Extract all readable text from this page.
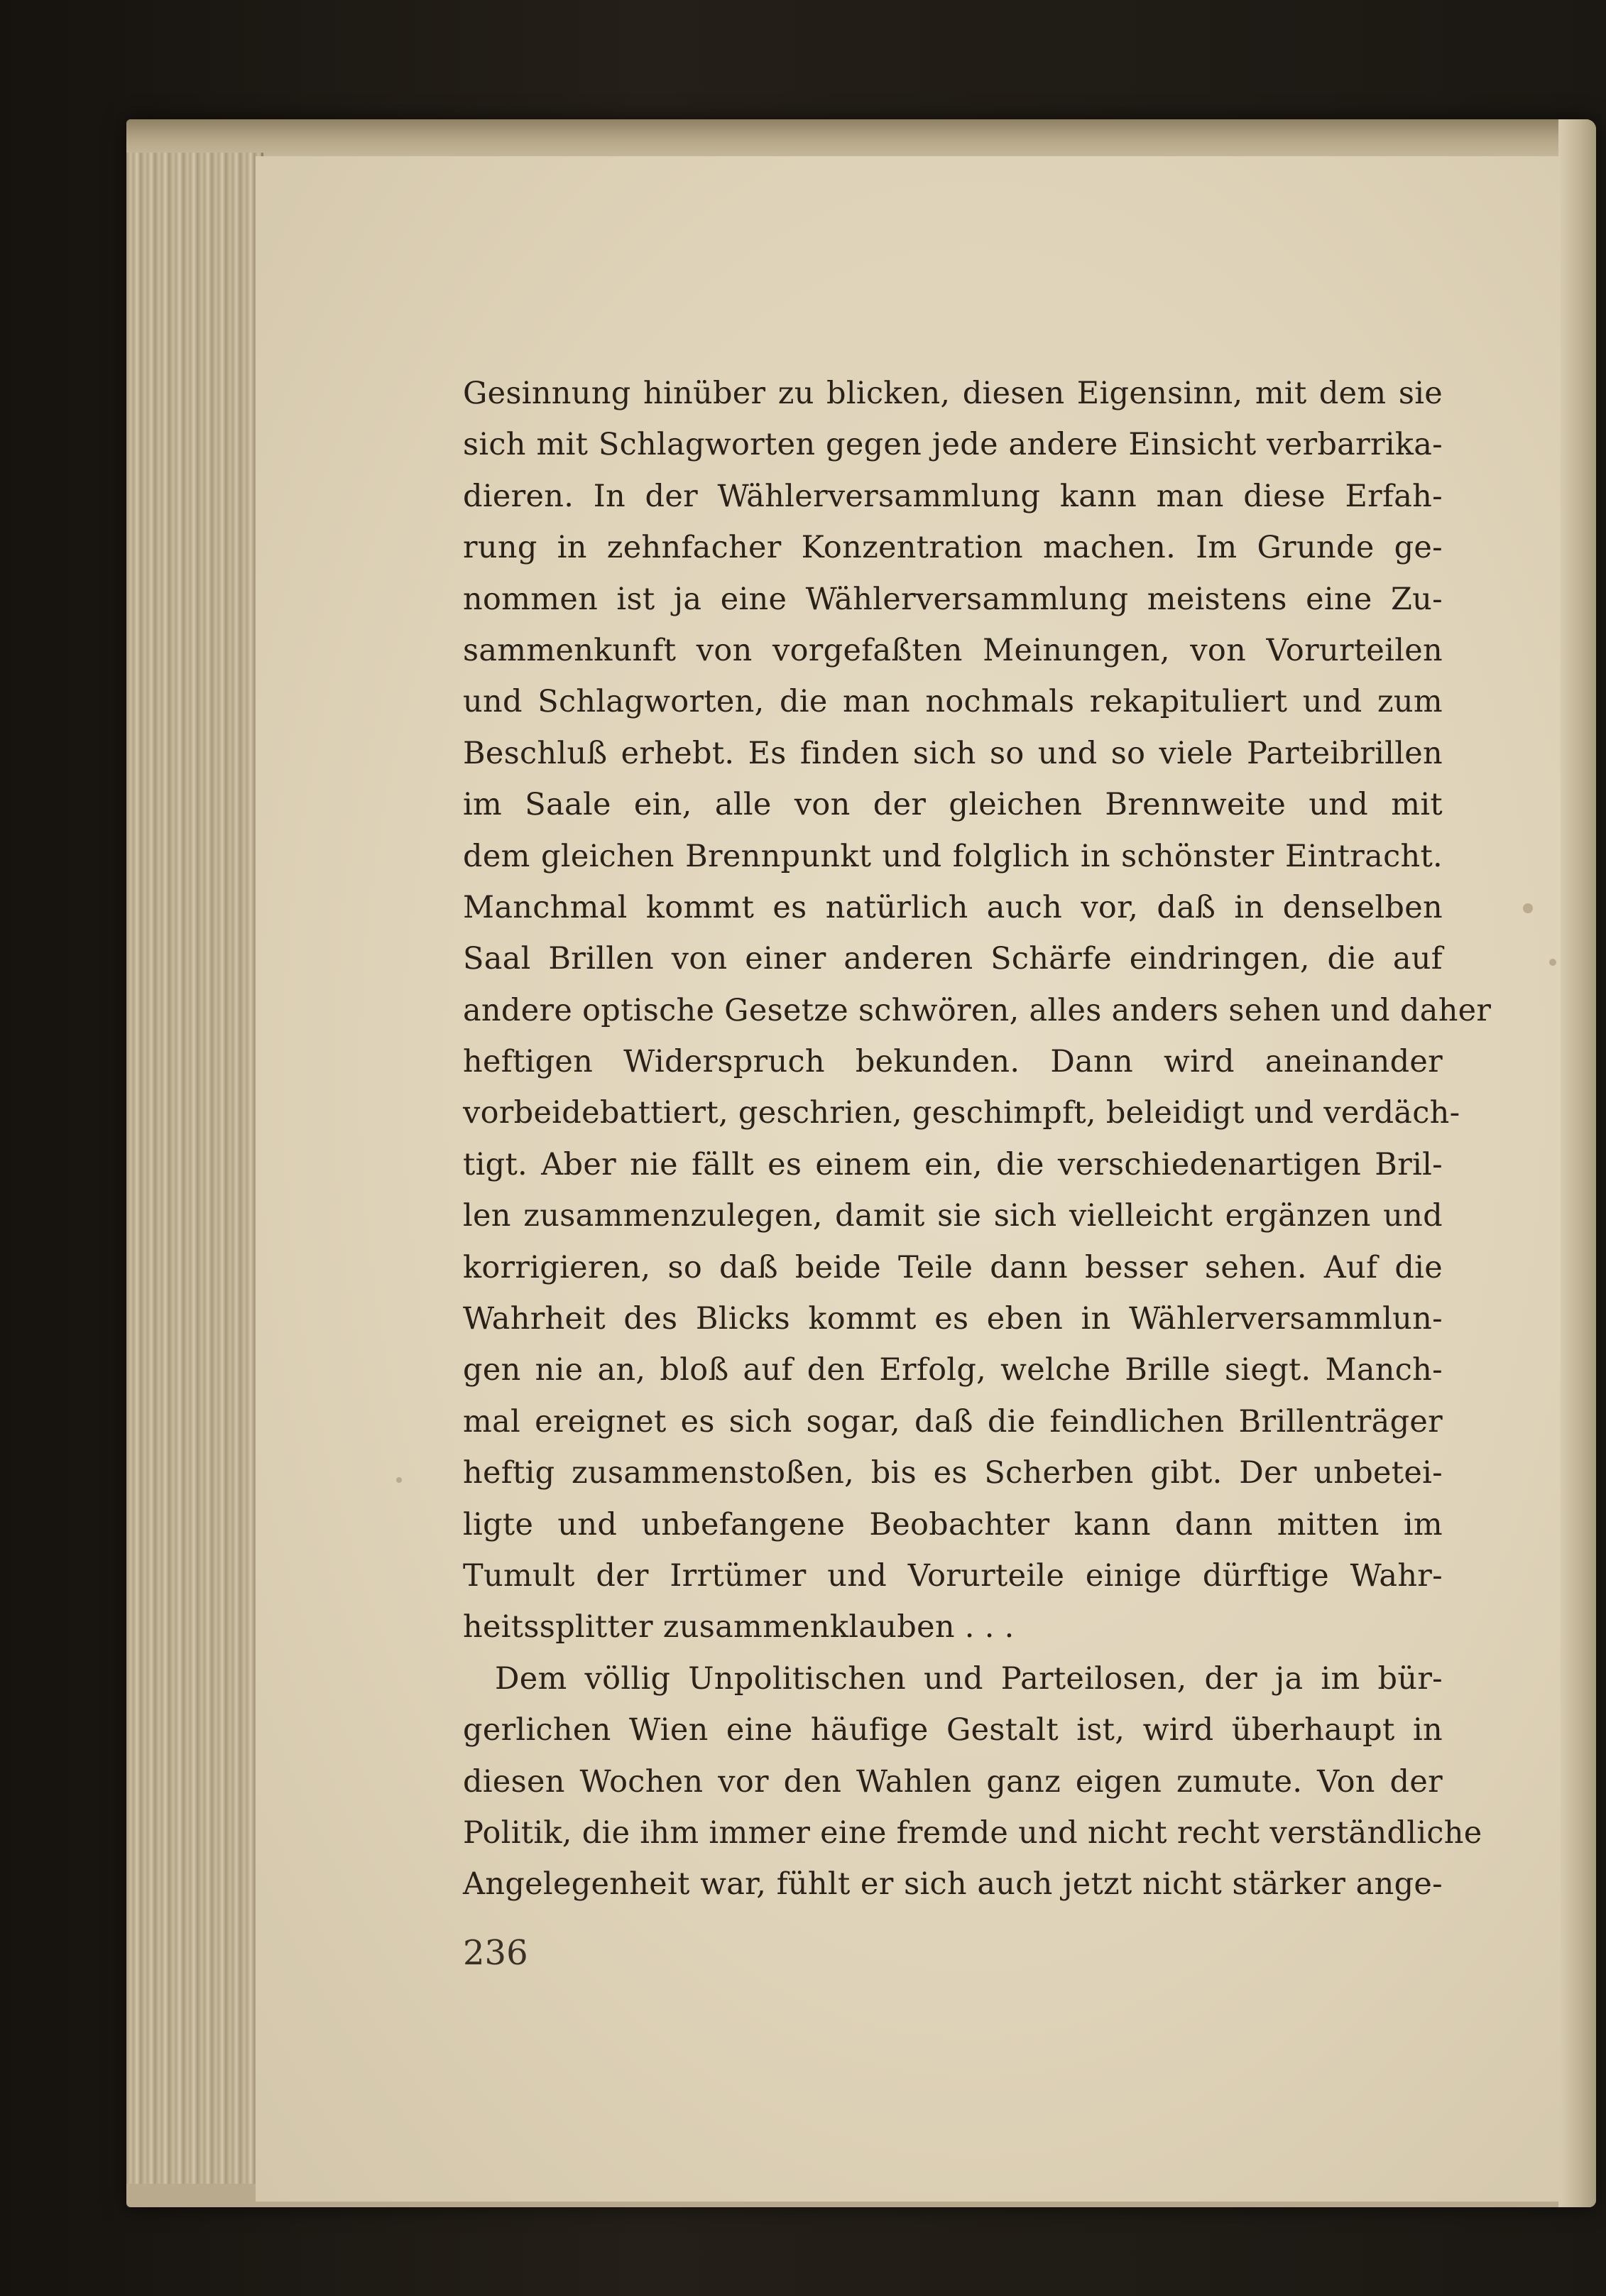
Gesinnung hinüber zu blicken, diesen Eigensinn, mit dem sie
sich mit Schlagworten gegen jede andere Einsicht verbarrika-
dieren. In der Wählerversammlung kann man diese Erfah-
rung in zehnfacher Konzentration machen. Im Grunde ge-
nommen ist ja eine Wählerversammlung meistens eine Zu-
sammenkunft von vorgefaßten Meinungen, von Vorurteilen
und Schlagworten, die man nochmals rekapituliert und zum
Beschluß erhebt. Es finden sich so und so viele Parteibrillen
im Saale ein, alle von der gleichen Brennweite und mit
dem gleichen Brennpunkt und folglich in schönster Eintracht.
Manchmal kommt es natürlich auch vor, daß in denselben
Saal Brillen von einer anderen Schärfe eindringen, die auf
andere optische Gesetze schwören, alles anders sehen und daher
heftigen Widerspruch bekunden. Dann wird aneinander
vorbeidebattiert, geschrien, geschimpft, beleidigt und verdäch-
tigt. Aber nie fällt es einem ein, die verschiedenartigen Bril-
len zusammenzulegen, damit sie sich vielleicht ergänzen und
korrigieren, so daß beide Teile dann besser sehen. Auf die
Wahrheit des Blicks kommt es eben in Wählerversammlun-
gen nie an, bloß auf den Erfolg, welche Brille siegt. Manch-
mal ereignet es sich sogar, daß die feindlichen Brillenträger
heftig zusammenstoßen, bis es Scherben gibt. Der unbetei-
ligte und unbefangene Beobachter kann dann mitten im
Tumult der Irrtümer und Vorurteile einige dürftige Wahr-
heitssplitter zusammenklauben . . .
Dem völlig Unpolitischen und Parteilosen, der ja im bür-
gerlichen Wien eine häufige Gestalt ist, wird überhaupt in
diesen Wochen vor den Wahlen ganz eigen zumute. Von der
Politik, die ihm immer eine fremde und nicht recht verständliche
Angelegenheit war, fühlt er sich auch jetzt nicht stärker ange-
236
